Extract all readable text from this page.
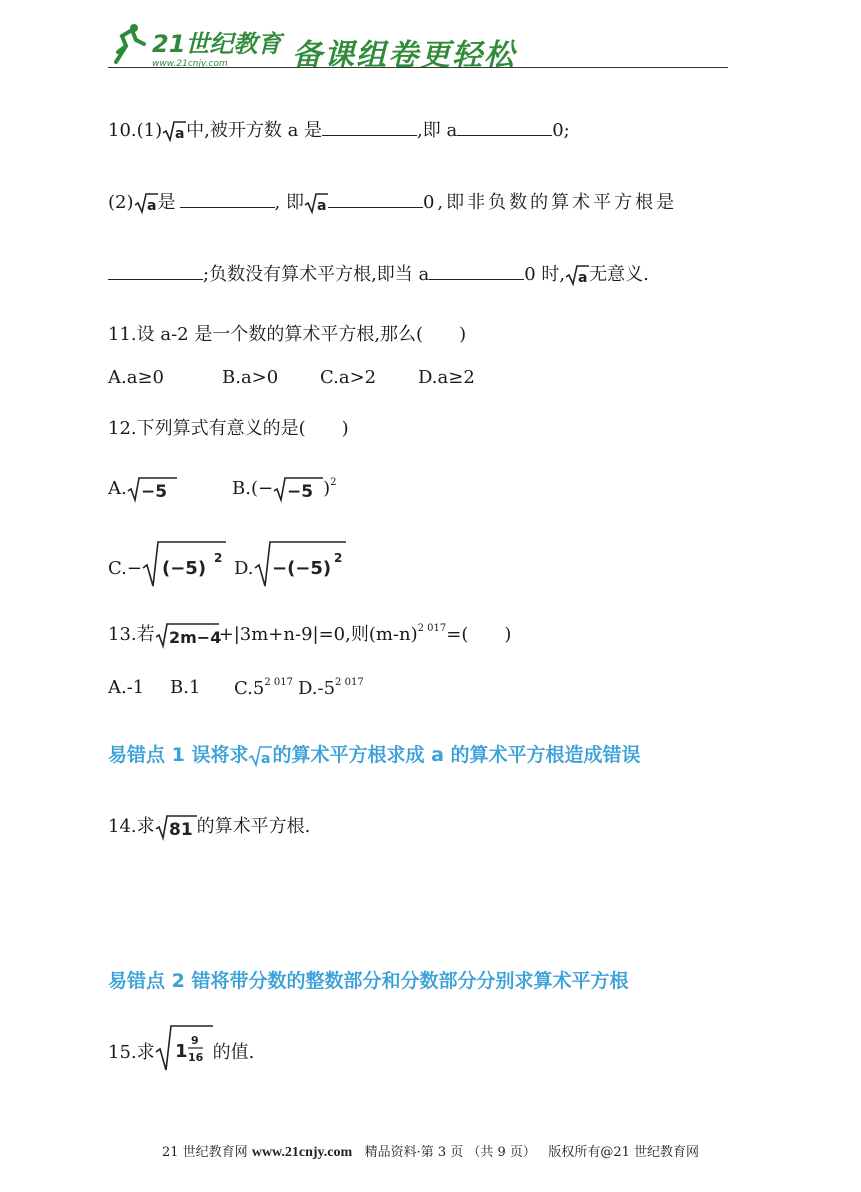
21世纪教育
www.21cnjy.com 备课组卷更轻松
10.(1) a 中,被开方数 a 是	,即 a	0;
(2) a 是	, 即 a	0,即非负数的算术平方根是
;负数没有算术平方根,即当 a	0 时, a 无意义.
11.设 a-2 是一个数的算术平方根,那么(　　)
A.a≥0	B.a>0 C.a>2 D.a≥2
12.下列算式有意义的是(　　)
A. −5	B.(− −5 )$^2$
C.− (−5) 2 D. −(−5) 2
13.若 2m−4
+|3m+n-9|=0,则$(m-n)^{2 017}=$(　　)
A.-1 B.1 $C.5^{2 017}$ $D.-5^{2 017}$
易错点 1 误将求 a 的算术平方根求成 a 的算术平方根造成错误
14.求 81 的算术平方根.
易错点 2 错将带分数的整数部分和分数部分分别求算术平方根
15.求 1
9
16 的值.
21 世纪教育网 www.21cnjy.com 精品资料·第 3 页 （共 9 页） 版权所有@21 世纪教育网
